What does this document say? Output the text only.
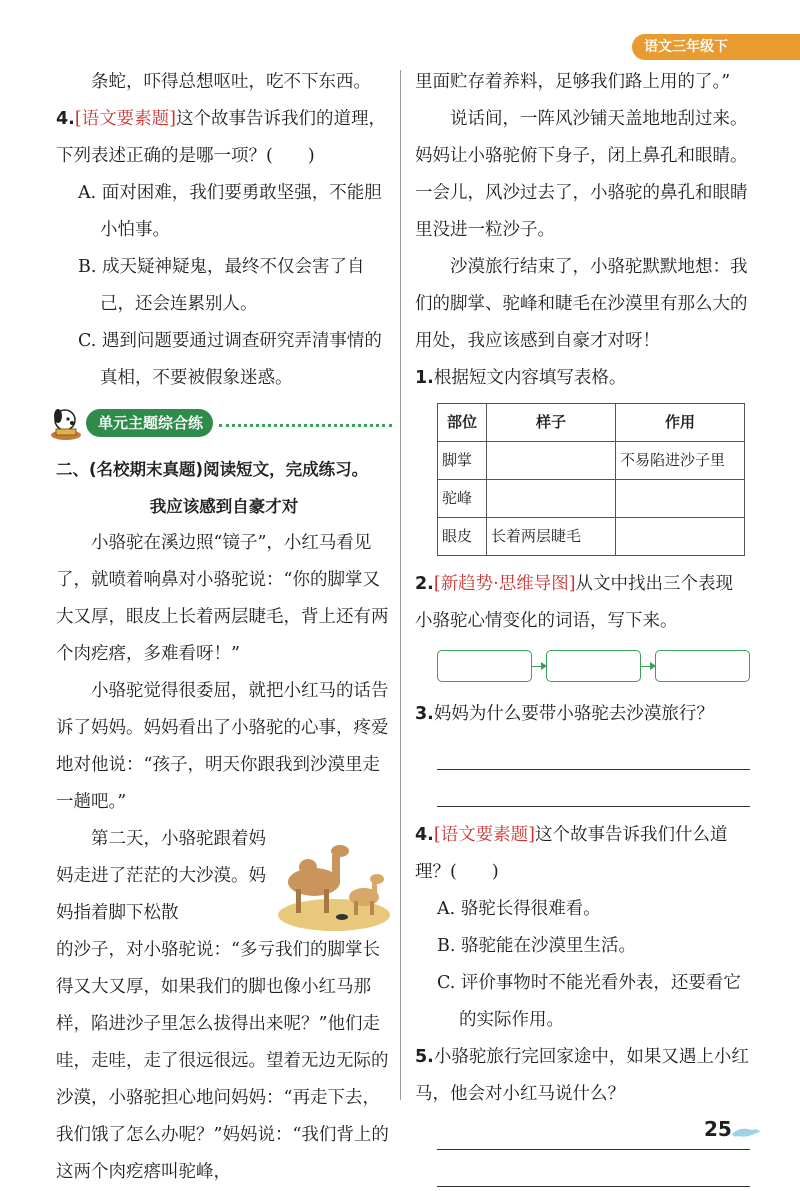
语文三年级下

条蛇，吓得总想呕吐，吃不下东西。

4.[语文要素题]这个故事告诉我们的道理，下列表述正确的是哪一项？(　　)

A. 面对困难，我们要勇敢坚强，不能胆小怕事。

B. 成天疑神疑鬼，最终不仅会害了自己，还会连累别人。

C. 遇到问题要通过调查研究弄清事情的真相，不要被假象迷惑。

单元主题综合练

二、(名校期末真题)阅读短文，完成练习。

我应该感到自豪才对

小骆驼在溪边照“镜子”，小红马看见了，就喷着响鼻对小骆驼说：“你的脚掌又大又厚，眼皮上长着两层睫毛，背上还有两个肉疙瘩，多难看呀！”

小骆驼觉得很委屈，就把小红马的话告诉了妈妈。妈妈看出了小骆驼的心事，疼爱地对他说：“孩子，明天你跟我到沙漠里走一趟吧。”

第二天，小骆驼跟着妈妈走进了茫茫的大沙漠。妈妈指着脚下松散

的沙子，对小骆驼说：“多亏我们的脚掌长得又大又厚，如果我们的脚也像小红马那样，陷进沙子里怎么拔得出来呢？”他们走哇，走哇，走了很远很远。望着无边无际的沙漠，小骆驼担心地问妈妈：“再走下去，我们饿了怎么办呢？”妈妈说：“我们背上的这两个肉疙瘩叫驼峰，

里面贮存着养料，足够我们路上用的了。”

说话间，一阵风沙铺天盖地地刮过来。妈妈让小骆驼俯下身子，闭上鼻孔和眼睛。一会儿，风沙过去了，小骆驼的鼻孔和眼睛里没进一粒沙子。

沙漠旅行结束了，小骆驼默默地想：我们的脚掌、驼峰和睫毛在沙漠里有那么大的用处，我应该感到自豪才对呀！

1.根据短文内容填写表格。

部位	样子	作用
脚掌		不易陷进沙子里
驼峰		
眼皮	长着两层睫毛	

2.[新趋势·思维导图]从文中找出三个表现小骆驼心情变化的词语，写下来。

3.妈妈为什么要带小骆驼去沙漠旅行？

4.[语文要素题]这个故事告诉我们什么道理？(　　)

A. 骆驼长得很难看。

B. 骆驼能在沙漠里生活。

C. 评价事物时不能光看外表，还要看它的实际作用。

5.小骆驼旅行完回家途中，如果又遇上小红马，他会对小红马说什么？

25
